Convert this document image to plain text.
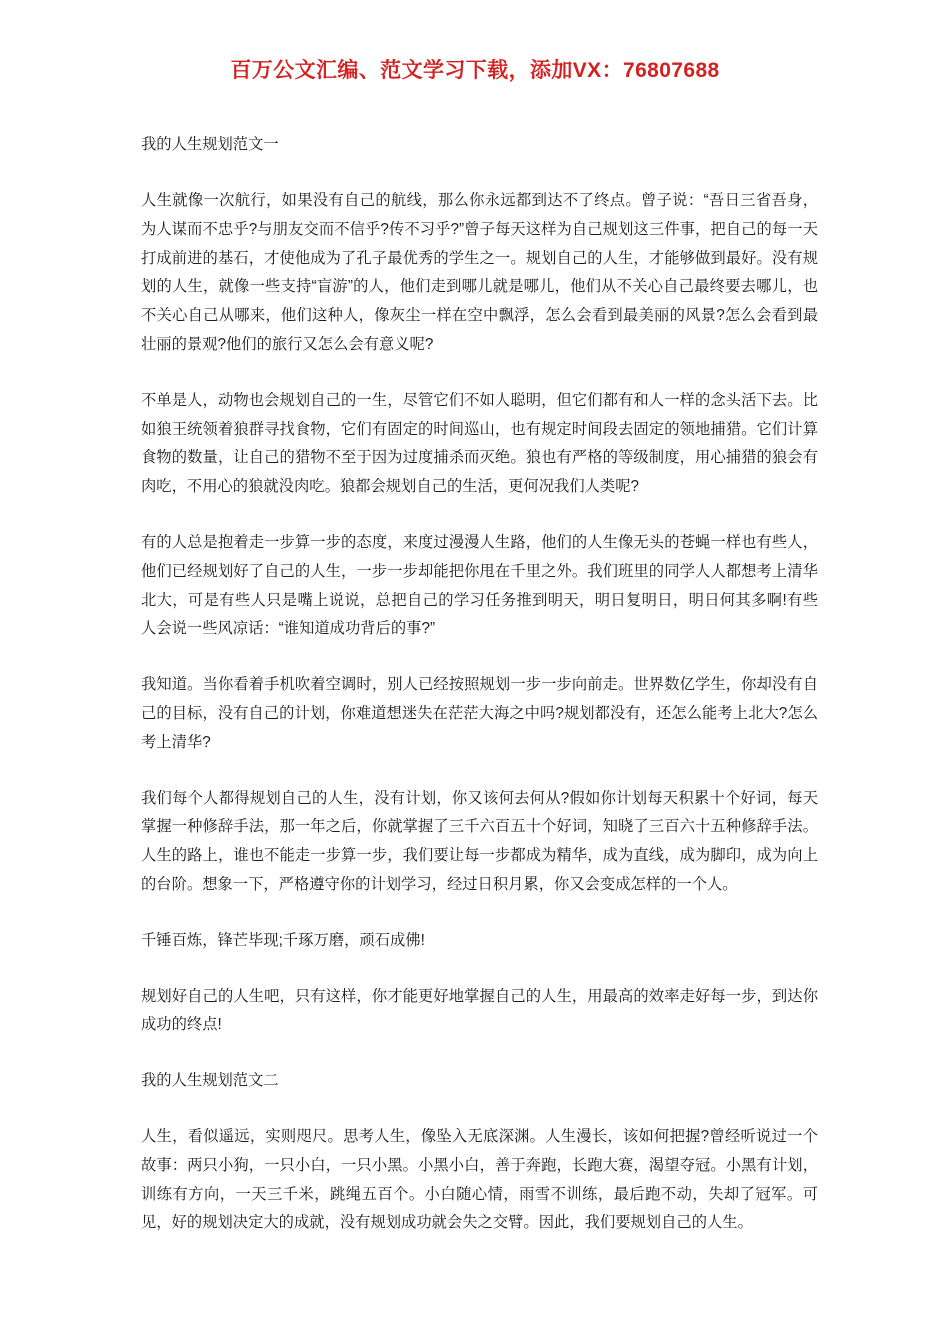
百万公文汇编、范文学习下载，添加VX：76807688

我的人生规划范文一

人生就像一次航行，如果没有自己的航线，那么你永远都到达不了终点。曾子说：“吾日三省吾身，为人谋而不忠乎?与朋友交而不信乎?传不习乎?”曾子每天这样为自己规划这三件事，把自己的每一天打成前进的基石，才使他成为了孔子最优秀的学生之一。规划自己的人生，才能够做到最好。没有规划的人生，就像一些支持“盲游”的人，他们走到哪儿就是哪儿，他们从不关心自己最终要去哪儿，也不关心自己从哪来，他们这种人，像灰尘一样在空中飘浮，怎么会看到最美丽的风景?怎么会看到最壮丽的景观?他们的旅行又怎么会有意义呢?

不单是人，动物也会规划自己的一生，尽管它们不如人聪明，但它们都有和人一样的念头活下去。比如狼王统领着狼群寻找食物，它们有固定的时间巡山，也有规定时间段去固定的领地捕猎。它们计算食物的数量，让自己的猎物不至于因为过度捕杀而灭绝。狼也有严格的等级制度，用心捕猎的狼会有肉吃，不用心的狼就没肉吃。狼都会规划自己的生活，更何况我们人类呢?

有的人总是抱着走一步算一步的态度，来度过漫漫人生路，他们的人生像无头的苍蝇一样也有些人，他们已经规划好了自己的人生，一步一步却能把你甩在千里之外。我们班里的同学人人都想考上清华北大，可是有些人只是嘴上说说，总把自己的学习任务推到明天，明日复明日，明日何其多啊!有些人会说一些风凉话：“谁知道成功背后的事?”

我知道。当你看着手机吹着空调时，别人已经按照规划一步一步向前走。世界数亿学生，你却没有自己的目标，没有自己的计划，你难道想迷失在茫茫大海之中吗?规划都没有，还怎么能考上北大?怎么考上清华?

我们每个人都得规划自己的人生，没有计划，你又该何去何从?假如你计划每天积累十个好词，每天掌握一种修辞手法，那一年之后，你就掌握了三千六百五十个好词，知晓了三百六十五种修辞手法。人生的路上，谁也不能走一步算一步，我们要让每一步都成为精华，成为直线，成为脚印，成为向上的台阶。想象一下，严格遵守你的计划学习，经过日积月累，你又会变成怎样的一个人。

千锤百炼，锋芒毕现;千琢万磨，顽石成佛!

规划好自己的人生吧，只有这样，你才能更好地掌握自己的人生，用最高的效率走好每一步，到达你成功的终点!

我的人生规划范文二

人生，看似遥远，实则咫尺。思考人生，像坠入无底深渊。人生漫长，该如何把握?曾经听说过一个故事：两只小狗，一只小白，一只小黑。小黑小白，善于奔跑，长跑大赛，渴望夺冠。小黑有计划，训练有方向，一天三千米，跳绳五百个。小白随心情，雨雪不训练，最后跑不动，失却了冠军。可见，好的规划决定大的成就，没有规划成功就会失之交臂。因此，我们要规划自己的人生。
